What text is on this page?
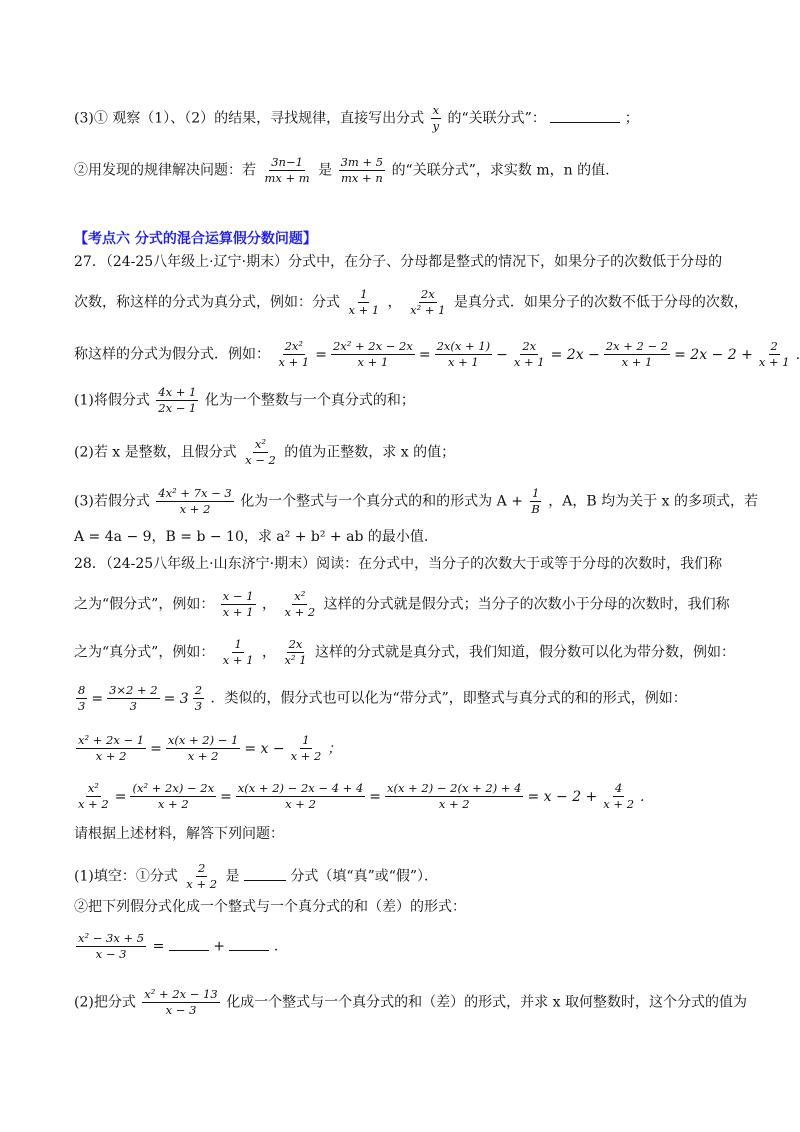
(3)① 观察（1）、（2）的结果，寻找规律，直接写出分式 $\frac{x}{y}$ 的“关联分式”：	；
②用发现的规律解决问题：若 $\frac{3n-1}{mx + m}$ 是 $\frac{3m + 5}{mx + n}$ 的“关联分式”，求实数 m，n 的值.
【考点六 分式的混合运算假分数问题】
27．（24-25八年级上·辽宁·期末）分式中，在分子、分母都是整式的情况下，如果分子的次数低于分母的
次数，称这样的分式为真分式，例如：分式 $\frac{1}{x + 1}$ ， $\frac{2x}{\text{x² + 1}}$ 是真分式．如果分子的次数不低于分母的次数，
称这样的分式为假分式．例如： $\frac{\text{2x²}}{x + 1} = \frac{\text{2x² + 2x − 2x}}{x + 1} = \frac{2x(x + 1)}{x + 1} - \frac{2x}{x + 1} = 2x - \frac{2x + 2 - 2}{x + 1} = 2x - 2 + \frac{2}{x + 1}$ .
(1)将假分式 $\frac{4x + 1}{2x - 1}$ 化为一个整数与一个真分式的和；
(2)若 x 是整数，且假分式 $\frac{\text{x²}}{x - 2}$ 的值为正整数，求 x 的值；
(3)若假分式 $\frac{\text{4x² + 7x − 3}}{x + 2}$ 化为一个整式与一个真分式的和的形式为 $A + \frac{1}{B}$ ，A，B 均为关于 x 的多项式，若
A = 4a − 9，B = b − 10，求 a² + b² + ab 的最小值.
28．（24-25八年级上·山东济宁·期末）阅读：在分式中，当分子的次数大于或等于分母的次数时，我们称
之为“假分式”，例如： $\frac{x - 1}{x + 1}$ ， $\frac{\text{x²}}{x + 2}$ 这样的分式就是假分式；当分子的次数小于分母的次数时，我们称
之为“真分式”，例如： $\frac{1}{x + 1}$ ， $\frac{2x}{\text{x² 1}}$ 这样的分式就是真分式，我们知道，假分数可以化为带分数，例如：
$\frac{8}{3} = \frac{3\times 2 + 2}{3} = 3 \frac{2}{3}$ ．类似的，假分式也可以化为“带分式”，即整式与真分式的和的形式，例如：
$\frac{\text{x² + 2x − 1}}{x + 2} = \frac{x(x + 2) - 1}{x + 2} = x - \frac{1}{x + 2}$ ；
$\frac{\text{x²}}{x + 2} = \frac{\text{(x² + 2x) − 2x}}{x + 2} = \frac{x(x + 2) - 2x - 4 + 4}{x + 2} = \frac{x(x + 2) - 2(x + 2) + 4}{x + 2} = x - 2 + \frac{4}{x + 2}$ .
请根据上述材料，解答下列问题：
(1)填空：①分式 $\frac{2}{x + 2}$ 是	分式（填“真”或“假”）．
②把下列假分式化成一个整式与一个真分式的和（差）的形式：
$\frac{\text{x² − 3x + 5}}{x - 3}$ =	+	.
(2)把分式 $\frac{\text{x² + 2x − 13}}{x - 3}$ 化成一个整式与一个真分式的和（差）的形式，并求 x 取何整数时，这个分式的值为
